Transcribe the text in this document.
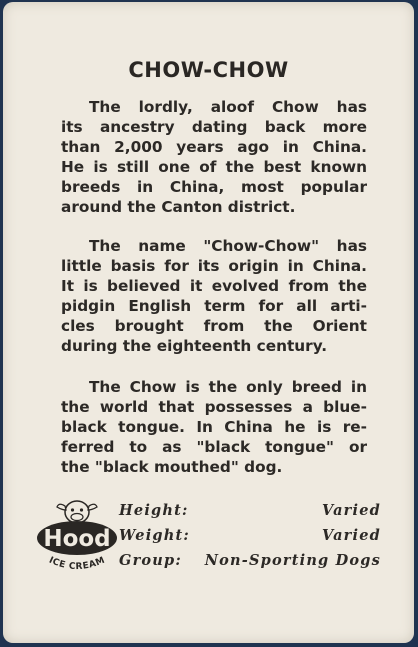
CHOW-CHOW

The lordly, aloof Chow has
its ancestry dating back more
than 2,000 years ago in China.
He is still one of the best known
breeds in China, most popular
around the Canton district.

The name "Chow-Chow" has
little basis for its origin in China.
It is believed it evolved from the
pidgin English term for all arti-
cles brought from the Orient
during the eighteenth century.

The Chow is the only breed in
the world that possesses a blue-
black tongue. In China he is re-
ferred to as "black tongue" or
the "black mouthed" dog.

Hood
ICE CREAM
Height:	Varied
Weight:	Varied
Group: Non-Sporting Dogs
